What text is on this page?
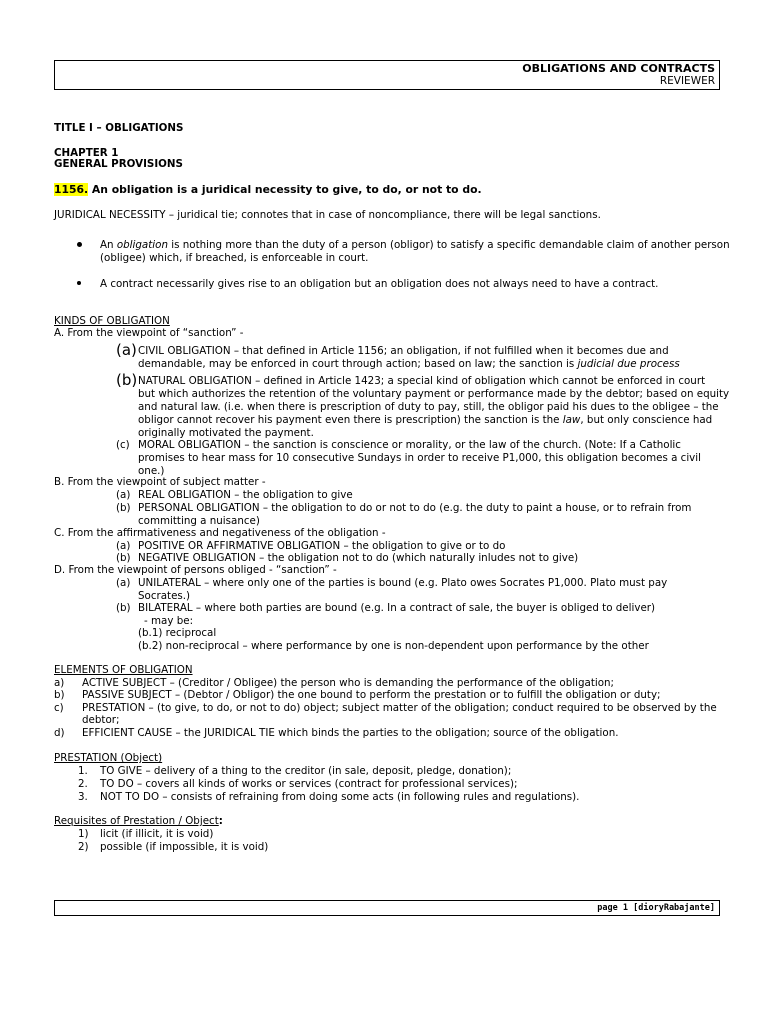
OBLIGATIONS AND CONTRACTS
REVIEWER
TITLE I – OBLIGATIONS
CHAPTER 1
GENERAL PROVISIONS
1156. An obligation is a juridical necessity to give, to do, or not to do.
JURIDICAL NECESSITY – juridical tie; connotes that in case of noncompliance, there will be legal sanctions.
An obligation is nothing more than the duty of a person (obligor) to satisfy a specific demandable claim of another person
(obligee) which, if breached, is enforceable in court.
A contract necessarily gives rise to an obligation but an obligation does not always need to have a contract.
KINDS OF OBLIGATION
A. From the viewpoint of “sanction” -
(a) CIVIL OBLIGATION – that defined in Article 1156; an obligation, if not fulfilled when it becomes due and
demandable, may be enforced in court through action; based on law; the sanction is judicial due process
(b) NATURAL OBLIGATION – defined in Article 1423; a special kind of obligation which cannot be enforced in court
but which authorizes the retention of the voluntary payment or performance made by the debtor; based on equity
and natural law. (i.e. when there is prescription of duty to pay, still, the obligor paid his dues to the obligee – the
obligor cannot recover his payment even there is prescription) the sanction is the law, but only conscience had
originally motivated the payment.
(c) MORAL OBLIGATION – the sanction is conscience or morality, or the law of the church. (Note: If a Catholic
promises to hear mass for 10 consecutive Sundays in order to receive P1,000, this obligation becomes a civil
one.)
B. From the viewpoint of subject matter -
(a) REAL OBLIGATION – the obligation to give
(b) PERSONAL OBLIGATION – the obligation to do or not to do (e.g. the duty to paint a house, or to refrain from
committing a nuisance)
C. From the affirmativeness and negativeness of the obligation -
(a) POSITIVE OR AFFIRMATIVE OBLIGATION – the obligation to give or to do
(b) NEGATIVE OBLIGATION – the obligation not to do (which naturally inludes not to give)
D. From the viewpoint of persons obliged - “sanction” -
(a) UNILATERAL – where only one of the parties is bound (e.g. Plato owes Socrates P1,000. Plato must pay
Socrates.)
(b) BILATERAL – where both parties are bound (e.g. In a contract of sale, the buyer is obliged to deliver)
- may be:
(b.1) reciprocal
(b.2) non-reciprocal – where performance by one is non-dependent upon performance by the other
ELEMENTS OF OBLIGATION
a) ACTIVE SUBJECT – (Creditor / Obligee) the person who is demanding the performance of the obligation;
b) PASSIVE SUBJECT – (Debtor / Obligor) the one bound to perform the prestation or to fulfill the obligation or duty;
c) PRESTATION – (to give, to do, or not to do) object; subject matter of the obligation; conduct required to be observed by the
debtor;
d) EFFICIENT CAUSE – the JURIDICAL TIE which binds the parties to the obligation; source of the obligation.
PRESTATION (Object)
1. TO GIVE – delivery of a thing to the creditor (in sale, deposit, pledge, donation);
2. TO DO – covers all kinds of works or services (contract for professional services);
3. NOT TO DO – consists of refraining from doing some acts (in following rules and regulations).
Requisites of Prestation / Object:
1) licit (if illicit, it is void)
2) possible (if impossible, it is void)
page 1 [dioryRabajante]
